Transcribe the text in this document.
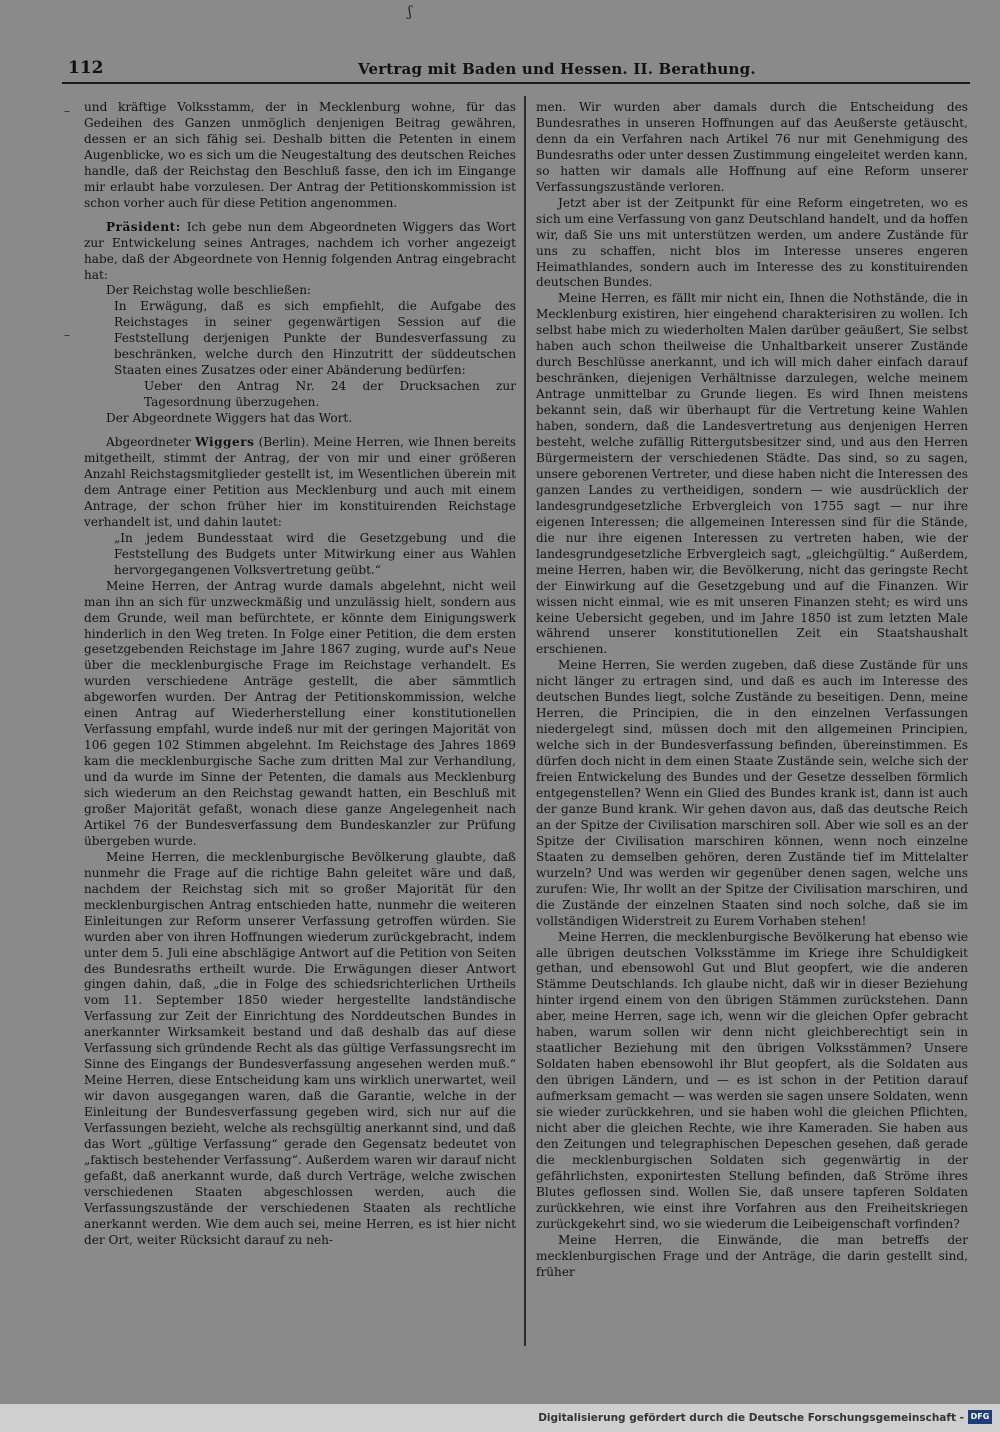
ʃ
112	Vertrag mit Baden und Hessen. II. Berathung.
–
–

und kräftige Volksstamm, der in Mecklenburg wohne, für das Gedeihen des Ganzen unmöglich denjenigen Beitrag gewähren, dessen er an sich fähig sei. Deshalb bitten die Petenten in einem Augenblicke, wo es sich um die Neugestaltung des deutschen Reiches handle, daß der Reichstag den Beschluß fasse, den ich im Eingange mir erlaubt habe vorzulesen. Der Antrag der Petitionskommission ist schon vorher auch für diese Petition angenommen.

Präsident: Ich gebe nun dem Abgeordneten Wiggers das Wort zur Entwickelung seines Antrages, nachdem ich vorher angezeigt habe, daß der Abgeordnete von Hennig folgenden Antrag eingebracht hat:

Der Reichstag wolle beschließen:

In Erwägung, daß es sich empfiehlt, die Aufgabe des Reichstages in seiner gegenwärtigen Session auf die Feststellung derjenigen Punkte der Bundesverfassung zu beschränken, welche durch den Hinzutritt der süddeutschen Staaten eines Zusatzes oder einer Abänderung bedürfen:

Ueber den Antrag Nr. 24 der Drucksachen zur Tagesordnung überzugehen.

Der Abgeordnete Wiggers hat das Wort.

Abgeordneter Wiggers (Berlin). Meine Herren, wie Ihnen bereits mitgetheilt, stimmt der Antrag, der von mir und einer größeren Anzahl Reichstagsmitglieder gestellt ist, im Wesentlichen überein mit dem Antrage einer Petition aus Mecklenburg und auch mit einem Antrage, der schon früher hier im konstituirenden Reichstage verhandelt ist, und dahin lautet:

„In jedem Bundesstaat wird die Gesetzgebung und die Feststellung des Budgets unter Mitwirkung einer aus Wahlen hervorgegangenen Volksvertretung geübt.“

Meine Herren, der Antrag wurde damals abgelehnt, nicht weil man ihn an sich für unzweckmäßig und unzulässig hielt, sondern aus dem Grunde, weil man befürchtete, er könnte dem Einigungswerk hinderlich in den Weg treten. In Folge einer Petition, die dem ersten gesetzgebenden Reichstage im Jahre 1867 zuging, wurde auf's Neue über die mecklenburgische Frage im Reichstage verhandelt. Es wurden verschiedene Anträge gestellt, die aber sämmtlich abgeworfen wurden. Der Antrag der Petitionskommission, welche einen Antrag auf Wiederherstellung einer konstitutionellen Verfassung empfahl, wurde indeß nur mit der geringen Majorität von 106 gegen 102 Stimmen abgelehnt. Im Reichstage des Jahres 1869 kam die mecklenburgische Sache zum dritten Mal zur Verhandlung, und da wurde im Sinne der Petenten, die damals aus Mecklenburg sich wiederum an den Reichstag gewandt hatten, ein Beschluß mit großer Majorität gefaßt, wonach diese ganze Angelegenheit nach Artikel 76 der Bundesverfassung dem Bundeskanzler zur Prüfung übergeben wurde.

Meine Herren, die mecklenburgische Bevölkerung glaubte, daß nunmehr die Frage auf die richtige Bahn geleitet wäre und daß, nachdem der Reichstag sich mit so großer Majorität für den mecklenburgischen Antrag entschieden hatte, nunmehr die weiteren Einleitungen zur Reform unserer Verfassung getroffen würden. Sie wurden aber von ihren Hoffnungen wiederum zurückgebracht, indem unter dem 5. Juli eine abschlägige Antwort auf die Petition von Seiten des Bundesraths ertheilt wurde. Die Erwägungen dieser Antwort gingen dahin, daß, „die in Folge des schiedsrichterlichen Urtheils vom 11. September 1850 wieder hergestellte landständische Verfassung zur Zeit der Einrichtung des Norddeutschen Bundes in anerkannter Wirksamkeit bestand und daß deshalb das auf diese Verfassung sich gründende Recht als das gültige Verfassungsrecht im Sinne des Eingangs der Bundesverfassung angesehen werden muß.“ Meine Herren, diese Entscheidung kam uns wirklich unerwartet, weil wir davon ausgegangen waren, daß die Garantie, welche in der Einleitung der Bundesverfassung gegeben wird, sich nur auf die Verfassungen bezieht, welche als rechsgültig anerkannt sind, und daß das Wort „gültige Verfassung“ gerade den Gegensatz bedeutet von „faktisch bestehender Verfassung“. Außerdem waren wir darauf nicht gefaßt, daß anerkannt wurde, daß durch Verträge, welche zwischen verschiedenen Staaten abgeschlossen werden, auch die Verfassungszustände der verschiedenen Staaten als rechtliche anerkannt werden. Wie dem auch sei, meine Herren, es ist hier nicht der Ort, weiter Rücksicht darauf zu neh-

men. Wir wurden aber damals durch die Entscheidung des Bundesrathes in unseren Hoffnungen auf das Aeußerste getäuscht, denn da ein Verfahren nach Artikel 76 nur mit Genehmigung des Bundesraths oder unter dessen Zustimmung eingeleitet werden kann, so hatten wir damals alle Hoffnung auf eine Reform unserer Verfassungszustände verloren.

Jetzt aber ist der Zeitpunkt für eine Reform eingetreten, wo es sich um eine Verfassung von ganz Deutschland handelt, und da hoffen wir, daß Sie uns mit unterstützen werden, um andere Zustände für uns zu schaffen, nicht blos im Interesse unseres engeren Heimathlandes, sondern auch im Interesse des zu konstituirenden deutschen Bundes.

Meine Herren, es fällt mir nicht ein, Ihnen die Nothstände, die in Mecklenburg existiren, hier eingehend charakterisiren zu wollen. Ich selbst habe mich zu wiederholten Malen darüber geäußert, Sie selbst haben auch schon theilweise die Unhaltbarkeit unserer Zustände durch Beschlüsse anerkannt, und ich will mich daher einfach darauf beschränken, diejenigen Verhältnisse darzulegen, welche meinem Antrage unmittelbar zu Grunde liegen. Es wird Ihnen meistens bekannt sein, daß wir überhaupt für die Vertretung keine Wahlen haben, sondern, daß die Landesvertretung aus denjenigen Herren besteht, welche zufällig Rittergutsbesitzer sind, und aus den Herren Bürgermeistern der verschiedenen Städte. Das sind, so zu sagen, unsere geborenen Vertreter, und diese haben nicht die Interessen des ganzen Landes zu vertheidigen, sondern — wie ausdrücklich der landesgrundgesetzliche Erbvergleich von 1755 sagt — nur ihre eigenen Interessen; die allgemeinen Interessen sind für die Stände, die nur ihre eigenen Interessen zu vertreten haben, wie der landesgrundgesetzliche Erbvergleich sagt, „gleichgültig.“ Außerdem, meine Herren, haben wir, die Bevölkerung, nicht das geringste Recht der Einwirkung auf die Gesetzgebung und auf die Finanzen. Wir wissen nicht einmal, wie es mit unseren Finanzen steht; es wird uns keine Uebersicht gegeben, und im Jahre 1850 ist zum letzten Male während unserer konstitutionellen Zeit ein Staatshaushalt erschienen.

Meine Herren, Sie werden zugeben, daß diese Zustände für uns nicht länger zu ertragen sind, und daß es auch im Interesse des deutschen Bundes liegt, solche Zustände zu beseitigen. Denn, meine Herren, die Principien, die in den einzelnen Verfassungen niedergelegt sind, müssen doch mit den allgemeinen Principien, welche sich in der Bundesverfassung befinden, übereinstimmen. Es dürfen doch nicht in dem einen Staate Zustände sein, welche sich der freien Entwickelung des Bundes und der Gesetze desselben förmlich entgegenstellen? Wenn ein Glied des Bundes krank ist, dann ist auch der ganze Bund krank. Wir gehen davon aus, daß das deutsche Reich an der Spitze der Civilisation marschiren soll. Aber wie soll es an der Spitze der Civilisation marschiren können, wenn noch einzelne Staaten zu demselben gehören, deren Zustände tief im Mittelalter wurzeln? Und was werden wir gegenüber denen sagen, welche uns zurufen: Wie, Ihr wollt an der Spitze der Civilisation marschiren, und die Zustände der einzelnen Staaten sind noch solche, daß sie im vollständigen Widerstreit zu Eurem Vorhaben stehen!

Meine Herren, die mecklenburgische Bevölkerung hat ebenso wie alle übrigen deutschen Volksstämme im Kriege ihre Schuldigkeit gethan, und ebensowohl Gut und Blut geopfert, wie die anderen Stämme Deutschlands. Ich glaube nicht, daß wir in dieser Beziehung hinter irgend einem von den übrigen Stämmen zurückstehen. Dann aber, meine Herren, sage ich, wenn wir die gleichen Opfer gebracht haben, warum sollen wir denn nicht gleichberechtigt sein in staatlicher Beziehung mit den übrigen Volksstämmen? Unsere Soldaten haben ebensowohl ihr Blut geopfert, als die Soldaten aus den übrigen Ländern, und — es ist schon in der Petition darauf aufmerksam gemacht — was werden sie sagen unsere Soldaten, wenn sie wieder zurückkehren, und sie haben wohl die gleichen Pflichten, nicht aber die gleichen Rechte, wie ihre Kameraden. Sie haben aus den Zeitungen und telegraphischen Depeschen gesehen, daß gerade die mecklenburgischen Soldaten sich gegenwärtig in der gefährlichsten, exponirtesten Stellung befinden, daß Ströme ihres Blutes geflossen sind. Wollen Sie, daß unsere tapferen Soldaten zurückkehren, wie einst ihre Vorfahren aus den Freiheitskriegen zurückgekehrt sind, wo sie wiederum die Leibeigenschaft vorfinden?

Meine Herren, die Einwände, die man betreffs der mecklenburgischen Frage und der Anträge, die darin gestellt sind, früher

Digitalisierung gefördert durch die Deutsche Forschungsgemeinschaft - DFG
